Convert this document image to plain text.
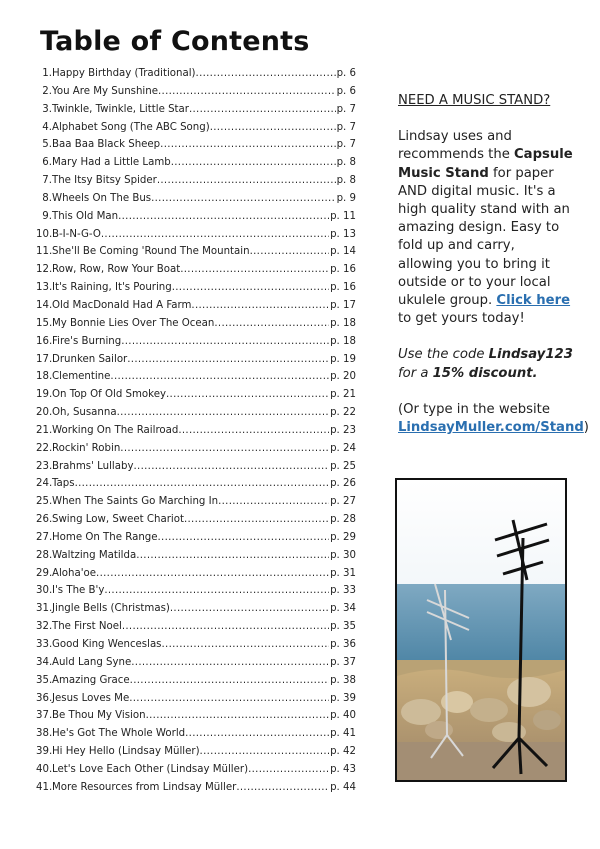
Table of Contents
1. Happy Birthday (Traditional) .....	p. 6
2. You Are My Sunshine .....	p. 6
3. Twinkle, Twinkle, Little Star .....	p. 7
4. Alphabet Song (The ABC Song) .....	p. 7
5. Baa Baa Black Sheep .....	p. 7
6. Mary Had a Little Lamb .....	p. 8
7. The Itsy Bitsy Spider .....	p. 8
8. Wheels On The Bus .....	p. 9
9. This Old Man .....	p. 11
10. B-I-N-G-O .....	p. 13
11. She'll Be Coming 'Round The Mountain .....	p. 14
12. Row, Row, Row Your Boat .....	p. 16
13. It's Raining, It's Pouring .....	p. 16
14. Old MacDonald Had A Farm .....	p. 17
15. My Bonnie Lies Over The Ocean .....	p. 18
16. Fire's Burning .....	p. 18
17. Drunken Sailor .....	p. 19
18. Clementine .....	p. 20
19. On Top Of Old Smokey .....	p. 21
20. Oh, Susanna .....	p. 22
21. Working On The Railroad .....	p. 23
22. Rockin' Robin .....	p. 24
23. Brahms' Lullaby .....	p. 25
24. Taps .....	p. 26
25. When The Saints Go Marching In .....	p. 27
26. Swing Low, Sweet Chariot .....	p. 28
27. Home On The Range .....	p. 29
28. Waltzing Matilda .....	p. 30
29. Aloha'oe .....	p. 31
30. I's The B'y .....	p. 33
31. Jingle Bells (Christmas) .....	p. 34
32. The First Noel .....	p. 35
33. Good King Wenceslas .....	p. 36
34. Auld Lang Syne .....	p. 37
35. Amazing Grace .....	p. 38
36. Jesus Loves Me .....	p. 39
37. Be Thou My Vision .....	p. 40
38. He's Got The Whole World .....	p. 41
39. Hi Hey Hello (Lindsay Müller) .....	p. 42
40. Let's Love Each Other (Lindsay Müller) .....	p. 43
41. More Resources from Lindsay Müller .....	p. 44

NEED A MUSIC STAND?

Lindsay uses and recommends the Capsule Music Stand for paper AND digital music. It's a high quality stand with an amazing design. Easy to fold up and carry, allowing you to bring it outside or to your local ukulele group. Click here to get yours today!

Use the code Lindsay123 for a 15% discount.

(Or type in the website LindsayMuller.com/Stand)
